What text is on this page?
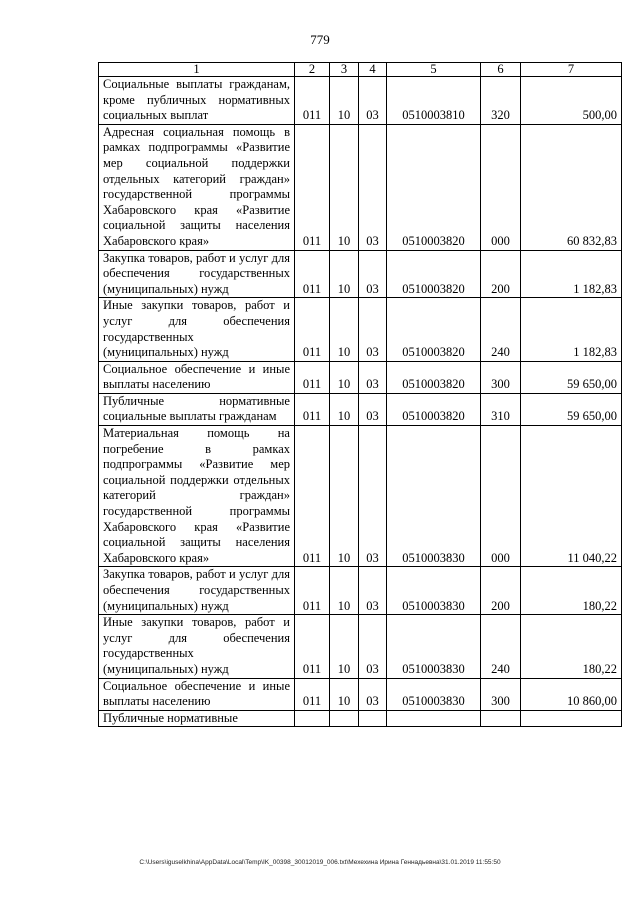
779
1	2	3	4	5	6	7
Социальные выплаты гражданам, кроме публичных нормативных социальных выплат	011	10	03	0510003810	320	500,00
Адресная социальная помощь в рамках подпрограммы «Развитие мер социальной поддержки отдельных категорий граждан» государственной программы Хабаровского края «Развитие социальной защиты населения Хабаровского края»	011	10	03	0510003820	000	60 832,83
Закупка товаров, работ и услуг для обеспечения государственных (муниципальных) нужд	011	10	03	0510003820	200	1 182,83
Иные закупки товаров, работ и услуг для обеспечения государственных (муниципальных) нужд	011	10	03	0510003820	240	1 182,83
Социальное обеспечение и иные выплаты населению	011	10	03	0510003820	300	59 650,00
Публичные нормативные социальные выплаты гражданам	011	10	03	0510003820	310	59 650,00
Материальная помощь на погребение в рамках подпрограммы «Развитие мер социальной поддержки отдельных категорий граждан» государственной программы Хабаровского края «Развитие социальной защиты населения Хабаровского края»	011	10	03	0510003830	000	11 040,22
Закупка товаров, работ и услуг для обеспечения государственных (муниципальных) нужд	011	10	03	0510003830	200	180,22
Иные закупки товаров, работ и услуг для обеспечения государственных (муниципальных) нужд	011	10	03	0510003830	240	180,22
Социальное обеспечение и иные выплаты населению	011	10	03	0510003830	300	10 860,00
Публичные нормативные						
C:\Users\iguselkhina\AppData\Local\Temp\IK_00398_30012019_006.txt\Мехехина Ирина Геннадьевна\31.01.2019 11:55:50
